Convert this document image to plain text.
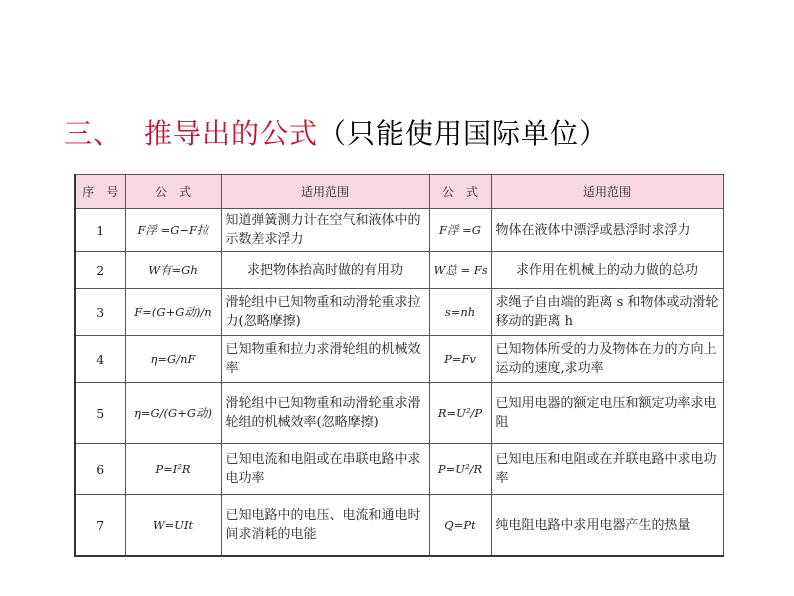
三、 推导出的公式（只能使用国际单位）
序　号	公　式	适用范围	公　式	适用范围
1	F浮 =G−F拉	知道弹簧测力计在空气和液体中的示数差求浮力	F浮 =G	物体在液体中漂浮或悬浮时求浮力
2	W有=Gh	求把物体抬高时做的有用功	W总 = Fs	求作用在机械上的动力做的总功
3	F=(G+G动)/n	滑轮组中已知物重和动滑轮重求拉力(忽略摩擦)	s=nh	求绳子自由端的距离 s 和物体或动滑轮移动的距离 h
4	η=G/nF	已知物重和拉力求滑轮组的机械效率	P=Fv	已知物体所受的力及物体在力的方向上运动的速度,求功率
5	η=G/(G+G动)	滑轮组中已知物重和动滑轮重求滑轮组的机械效率(忽略摩擦)	R=U²/P	已知用电器的额定电压和额定功率求电阻
6	P=I²R	已知电流和电阻或在串联电路中求电功率	P=U²/R	已知电压和电阻或在并联电路中求电功率
7	W=UIt	已知电路中的电压、电流和通电时间求消耗的电能	Q=Pt	纯电阻电路中求用电器产生的热量
